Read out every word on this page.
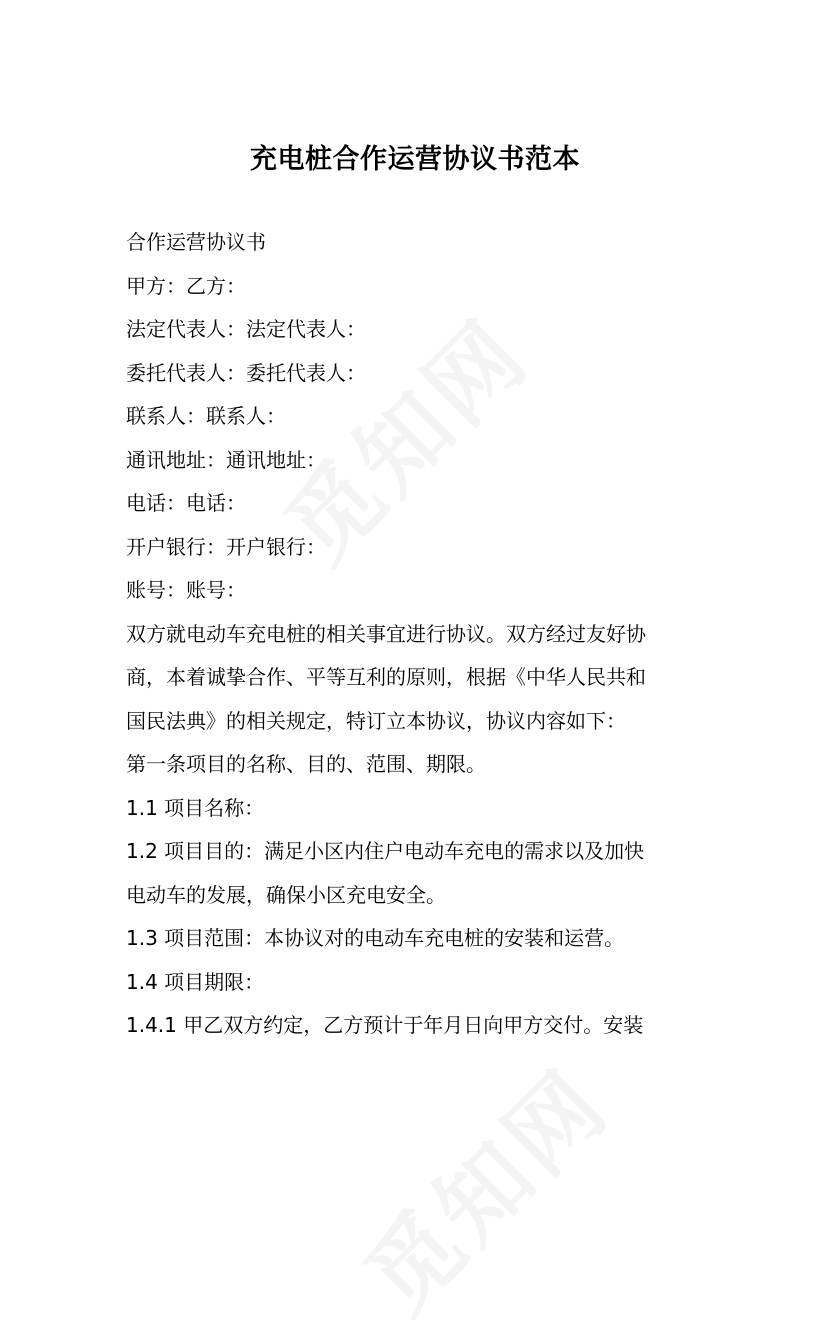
充电桩合作运营协议书范本

合作运营协议书

甲方：乙方：

法定代表人：法定代表人：

委托代表人：委托代表人：

联系人：联系人：

通讯地址：通讯地址：

电话：电话：

开户银行：开户银行：

账号：账号：

双方就电动车充电桩的相关事宜进行协议。双方经过友好协

商，本着诚挚合作、平等互利的原则，根据《中华人民共和

国民法典》的相关规定，特订立本协议，协议内容如下：

第一条项目的名称、目的、范围、期限。

1.1 项目名称：

1.2 项目目的：满足小区内住户电动车充电的需求以及加快

电动车的发展，确保小区充电安全。

1.3 项目范围：本协议对的电动车充电桩的安装和运营。

1.4 项目期限：

1.4.1 甲乙双方约定，乙方预计于年月日向甲方交付。安装
